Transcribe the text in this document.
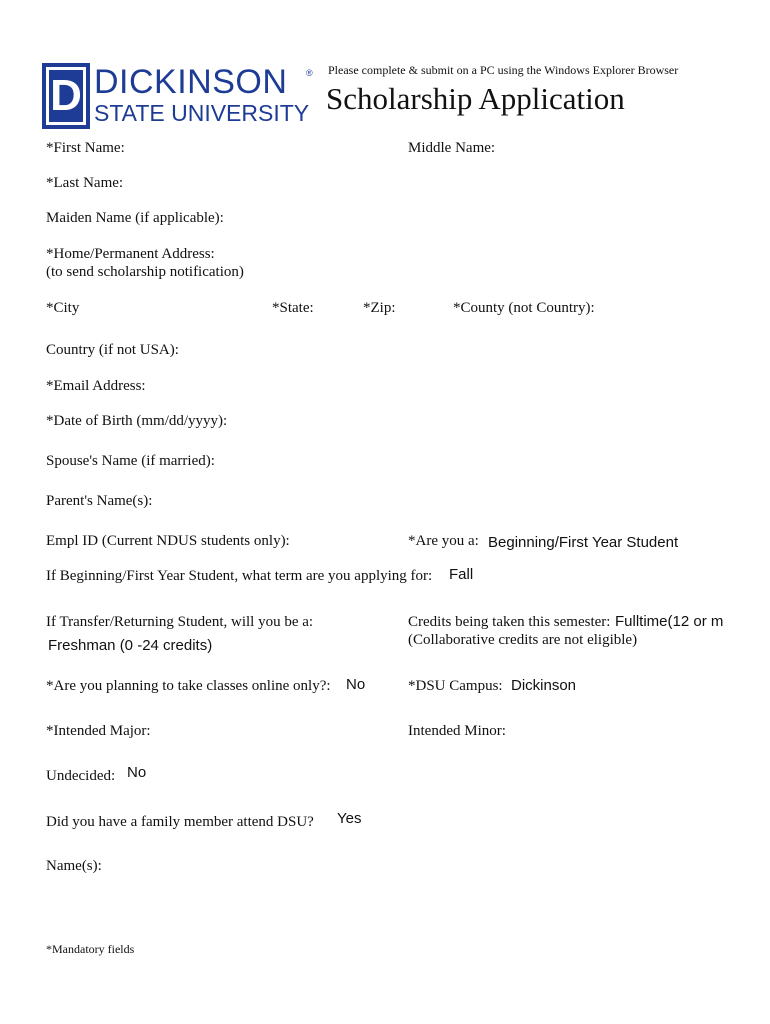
D DICKINSON ®
STATE UNIVERSITY
Please complete & submit on a PC using the Windows Explorer Browser
Scholarship Application
*First Name:	Middle Name:
*Last Name:
Maiden Name (if applicable):
*Home/Permanent Address:
(to send scholarship notification)
*City	*State:	*Zip:	*County (not Country):
Country (if not USA):
*Email Address:
*Date of Birth (mm/dd/yyyy):
Spouse's Name (if married):
Parent's Name(s):
Empl ID (Current NDUS students only):	*Are you a: Beginning/First Year Student
If Beginning/First Year Student, what term are you applying for: Fall
If Transfer/Returning Student, will you be a:
Freshman (0 -24 credits)
Credits being taken this semester: Fulltime(12 or m
(Collaborative credits are not eligible)
*Are you planning to take classes online only?: No	*DSU Campus: Dickinson
*Intended Major:	Intended Minor:
Undecided: No
Did you have a family member attend DSU? Yes
Name(s):
*Mandatory fields
